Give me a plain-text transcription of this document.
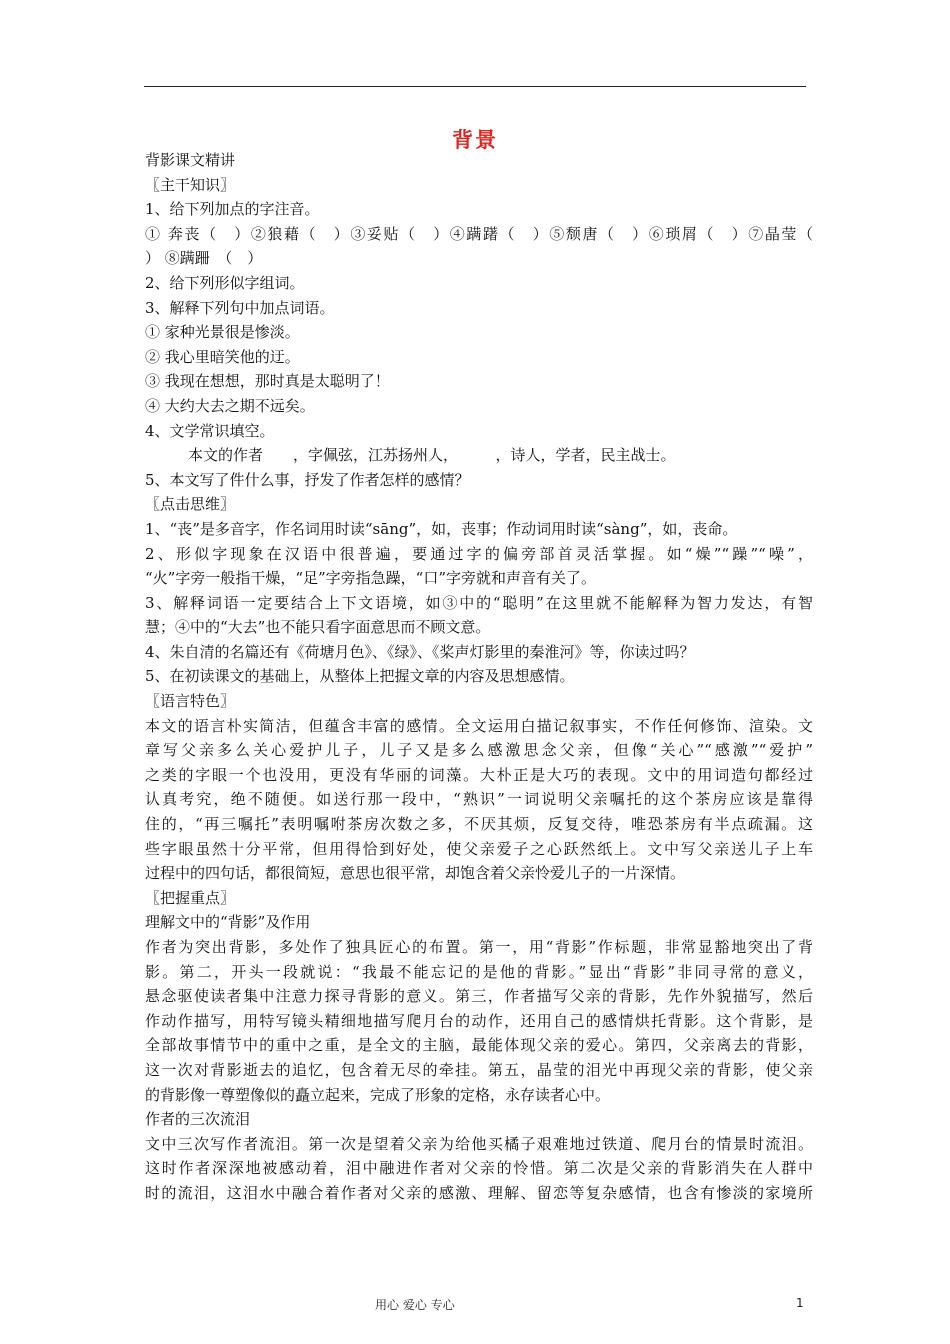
背景
背影课文精讲
〖主干知识〗
1、给下列加点的字注音。
① 奔丧（　）②狼藉（　）③妥贴（　）④蹒躇（　）⑤颓唐（　）⑥琐屑（　）⑦晶莹（
） ⑧蹒跚　（　）
2、给下列形似字组词。
3、解释下列句中加点词语。
① 家种光景很是惨淡。
② 我心里暗笑他的迂。
③ 我现在想想，那时真是太聪明了！
④ 大约大去之期不远矣。
4、文学常识填空。
本文的作者　　，字佩弦，江苏扬州人，　　　，诗人，学者，民主战士。
5、本文写了件什么事，抒发了作者怎样的感情？
〖点击思维〗
1、“丧”是多音字，作名词用时读“sāng”，如，丧事；作动词用时读“sàng”，如，丧命。
2、形似字现象在汉语中很普遍，要通过字的偏旁部首灵活掌握。如“燥”“躁”“噪”，
“火”字旁一般指干燥，“足”字旁指急躁，“口”字旁就和声音有关了。
3、解释词语一定要结合上下文语境，如③中的“聪明”在这里就不能解释为智力发达，有智
慧；④中的“大去”也不能只看字面意思而不顾文意。
4、朱自清的名篇还有《荷塘月色》、《绿》、《桨声灯影里的秦淮河》等，你读过吗？
5、在初读课文的基础上，从整体上把握文章的内容及思想感情。
〖语言特色〗
本文的语言朴实简洁，但蕴含丰富的感情。全文运用白描记叙事实，不作任何修饰、渲染。文
章写父亲多么关心爱护儿子，儿子又是多么感激思念父亲，但像“关心”“感激”“爱护”
之类的字眼一个也没用，更没有华丽的词藻。大朴正是大巧的表现。文中的用词造句都经过
认真考究，绝不随便。如送行那一段中，“熟识”一词说明父亲嘱托的这个茶房应该是靠得
住的，“再三嘱托”表明嘱咐茶房次数之多，不厌其烦，反复交待，唯恐茶房有半点疏漏。这
些字眼虽然十分平常，但用得恰到好处，使父亲爱子之心跃然纸上。文中写父亲送儿子上车
过程中的四句话，都很简短，意思也很平常，却饱含着父亲怜爱儿子的一片深情。
〖把握重点〗
理解文中的“背影”及作用
作者为突出背影，多处作了独具匠心的布置。第一，用“背影”作标题，非常显豁地突出了背
影。第二，开头一段就说：“我最不能忘记的是他的背影。”显出“背影”非同寻常的意义，
悬念驱使读者集中注意力探寻背影的意义。第三，作者描写父亲的背影，先作外貌描写，然后
作动作描写，用特写镜头精细地描写爬月台的动作，还用自己的感情烘托背影。这个背影，是
全部故事情节中的重中之重，是全文的主脑，最能体现父亲的爱心。第四，父亲离去的背影，
这一次对背影逝去的追忆，包含着无尽的牵挂。第五，晶莹的泪光中再现父亲的背影，使父亲
的背影像一尊塑像似的矗立起来，完成了形象的定格，永存读者心中。
作者的三次流泪
文中三次写作者流泪。第一次是望着父亲为给他买橘子艰难地过铁道、爬月台的情景时流泪。
这时作者深深地被感动着，泪中融进作者对父亲的怜惜。第二次是父亲的背影消失在人群中
时的流泪，这泪水中融合着作者对父亲的感激、理解、留恋等复杂感情，也含有惨淡的家境所
用心 爱心 专心	1
